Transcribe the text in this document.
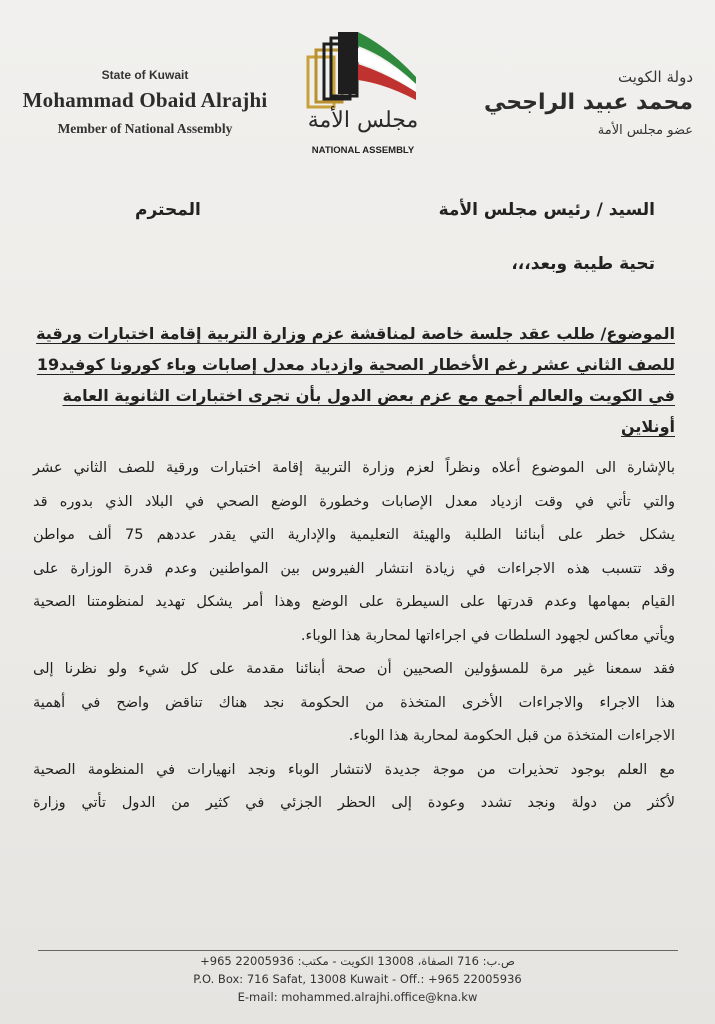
State of Kuwait
Mohammad Obaid Alrajhi
Member of National Assembly	مجلس الأمة
NATIONAL ASSEMBLY
دولة الكويت
محمد عبيد الراجحي
عضو مجلس الأمة
السيد / رئيس مجلس الأمة
المحترم
تحية طيبة وبعد،،،
الموضوع/ طلب عقد جلسة خاصة لمناقشة عزم وزارة التربية إقامة اختبارات ورقية
للصف الثاني عشر رغم الأخطار الصحية وازدياد معدل إصابات وباء كورونا كوفيد19
في الكويت والعالم أجمع مع عزم بعض الدول بأن تجرى اختبارات الثانوية العامة
أونلاين
بالإشارة الى الموضوع أعلاه ونظراً لعزم وزارة التربية إقامة اختبارات ورقية للصف الثاني عشر
والتي تأتي في وقت ازدياد معدل الإصابات وخطورة الوضع الصحي في البلاد الذي بدوره قد
يشكل خطر على أبنائنا الطلبة والهيئة التعليمية والإدارية التي يقدر عددهم 75 ألف مواطن
وقد تتسبب هذه الاجراءات في زيادة انتشار الفيروس بين المواطنين وعدم قدرة الوزارة على
القيام بمهامها وعدم قدرتها على السيطرة على الوضع وهذا أمر يشكل تهديد لمنظومتنا الصحية
ويأتي معاكس لجهود السلطات في اجراءاتها لمحاربة هذا الوباء.
فقد سمعنا غير مرة للمسؤولين الصحيين أن صحة أبنائنا مقدمة على كل شيء ولو نظرنا إلى
هذا الاجراء والاجراءات الأخرى المتخذة من الحكومة نجد هناك تناقض واضح في أهمية
الاجراءات المتخذة من قبل الحكومة لمحاربة هذا الوباء.
مع العلم بوجود تحذيرات من موجة جديدة لانتشار الوباء ونجد انهيارات في المنظومة الصحية
لأكثر من دولة ونجد تشدد وعودة إلى الحظر الجزئي في كثير من الدول تأتي وزارة
ص.ب: 716 الصفاة، 13008 الكويت - مكتب: 22005936 965+
P.O. Box: 716 Safat, 13008 Kuwait - Off.: +965 22005936
E-mail: mohammed.alrajhi.office@kna.kw
